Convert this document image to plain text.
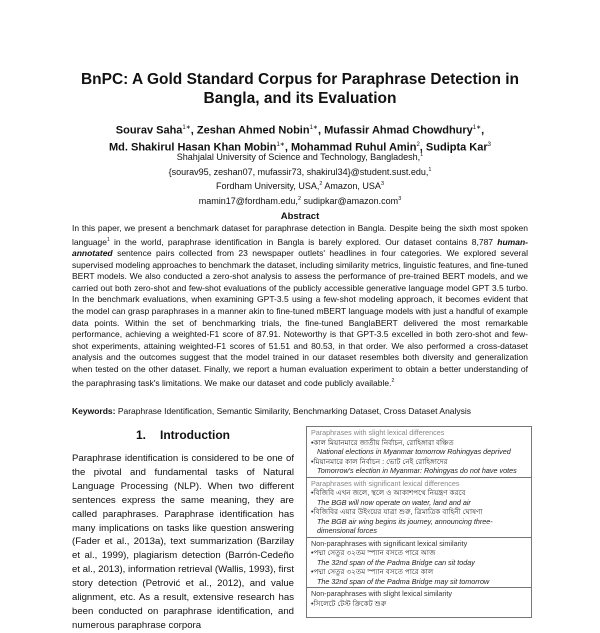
BnPC: A Gold Standard Corpus for Paraphrase Detection in Bangla, and its Evaluation
Sourav Saha$^{1∗}$, Zeshan Ahmed Nobin$^{1∗}$, Mufassir Ahmad Chowdhury$^{1∗}$,
Md. Shakirul Hasan Khan Mobin$^{1∗}$, Mohammad Ruhul Amin$^2$, Sudipta Kar$^3$
Shahjalal University of Science and Technology, Bangladesh,$^1$
{sourav95, zeshan07, mufassir73, shakirul34}@student.sust.edu,$^1$
Fordham University, USA,$^2$ Amazon, USA$^3$
mamin17@fordham.edu,$^2$ sudipkar@amazon.com$^3$
Abstract
In this paper, we present a benchmark dataset for paraphrase detection in Bangla. Despite being the sixth most spoken language$^1$ in the world, paraphrase identification in Bangla is barely explored. Our dataset contains 8,787 human-annotated sentence pairs collected from 23 newspaper outlets' headlines in four categories. We explored several supervised modeling approaches to benchmark the dataset, including similarity metrics, linguistic features, and fine-tuned BERT models. We also conducted a zero-shot analysis to assess the performance of pre-trained BERT models, and we carried out both zero-shot and few-shot evaluations of the publicly accessible generative language model GPT 3.5 turbo. In the benchmark evaluations, when examining GPT-3.5 using a few-shot modeling approach, it becomes evident that the model can grasp paraphrases in a manner akin to fine-tuned mBERT language models with just a handful of example data points. Within the set of benchmarking trials, the fine-tuned BanglaBERT delivered the most remarkable performance, achieving a weighted-F1 score of 87.91. Noteworthy is that GPT-3.5 excelled in both zero-shot and few-shot experiments, attaining weighted-F1 scores of 51.51 and 80.53, in that order. We also performed a cross-dataset analysis and the outcomes suggest that the model trained in our dataset resembles both diversity and generalization when tested on the other dataset. Finally, we report a human evaluation experiment to obtain a better understanding of the paraphrasing task's limitations. We make our dataset and code publicly available.$^2$
Keywords: Paraphrase Identification, Semantic Similarity, Benchmarking Dataset, Cross Dataset Analysis
1. Introduction
Paraphrase identification is considered to be one of the pivotal and fundamental tasks of Natural Language Processing (NLP). When two different sentences express the same meaning, they are called paraphrases. Paraphrase identification has many implications on tasks like question answering (Fader et al., 2013a), text summarization (Barzilay et al., 1999), plagiarism detection (Barrón-Cedeño et al., 2013), information retrieval (Wallis, 1993), first story detection (Petrović et al., 2012), and value alignment, etc. As a result, extensive research has been conducted on paraphrase identification, and numerous paraphrase corpora
Paraphrases with slight lexical differences
• কাল মিয়ানমারে জাতীয় নির্বাচন, রোহিঙ্গারা বঞ্চিত
National elections in Myanmar tomorrow Rohingyas deprived
• মিয়ানমারে কাল নির্বাচন : ভোট নেই রোহিঙ্গাদের
Tomorrow's election in Myanmar: Rohingyas do not have votes
Paraphrases with significant lexical differences
• বিজিবি এখন জলে, স্থলে ও আকাশপথে নিয়ন্ত্রণ করবে
The BGB will now operate on water, land and air
• বিজিবির এয়ার উইংয়ের যাত্রা শুরু, ত্রিমাত্রিক বাহিনী ঘোষণা
The BGB air wing begins its journey, announcing three-dimensional forces
Non-paraphrases with significant lexical similarity
• পদ্মা সেতুর ৩২তম স্প্যান বসতে পারে আজ
The 32nd span of the Padma Bridge can sit today
• পদ্মা সেতুর ৩২তম স্প্যান বসতে পারে কাল
The 32nd span of the Padma Bridge may sit tomorrow
Non-paraphrases with slight lexical similarity
• সিলেটে টেস্ট ক্রিকেট শুরু
